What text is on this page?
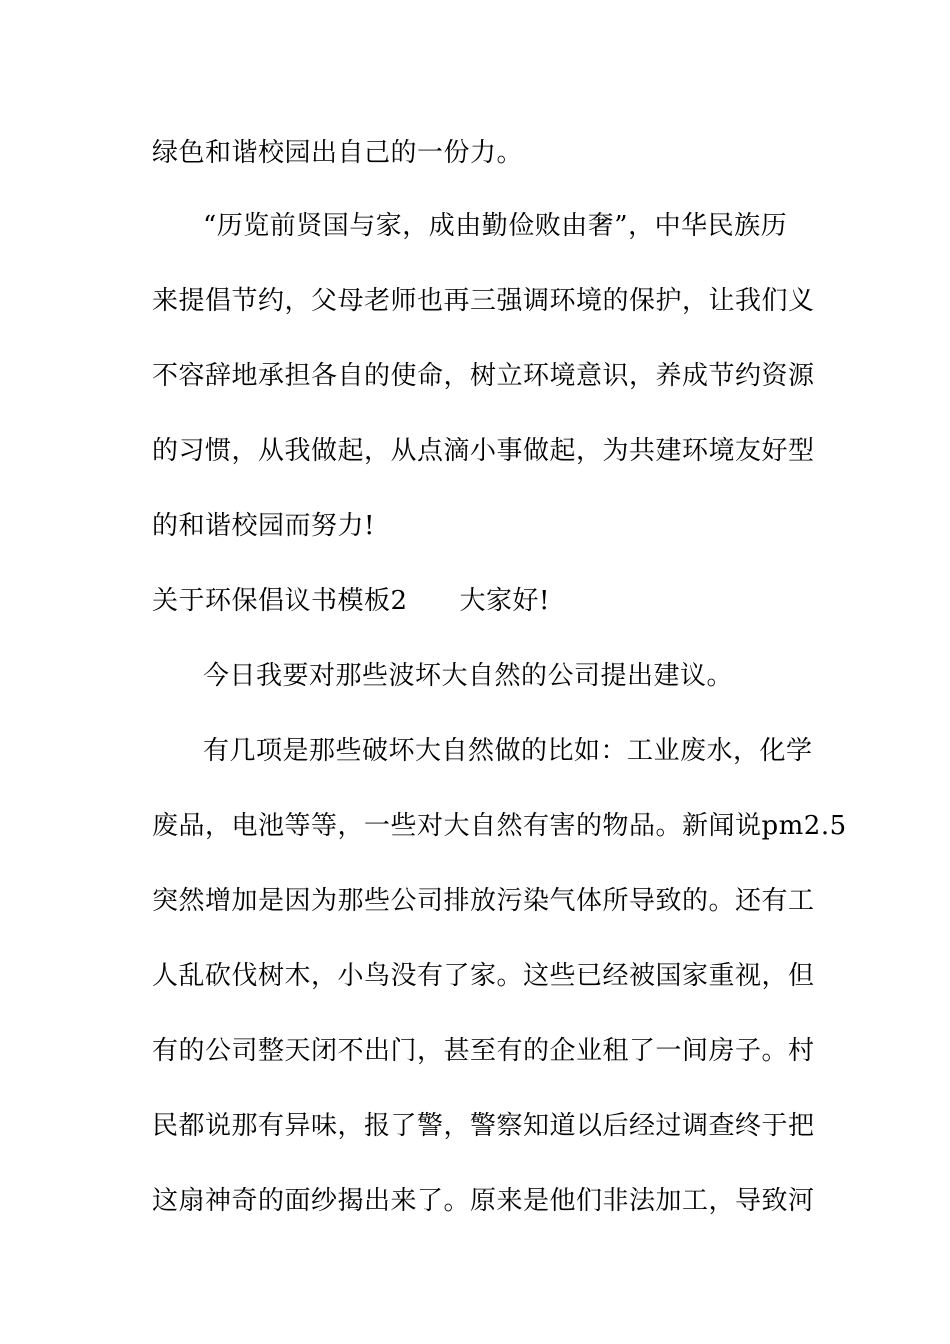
绿色和谐校园出自己的一份力。
“历览前贤国与家，成由勤俭败由奢”，中华民族历
来提倡节约，父母老师也再三强调环境的保护，让我们义
不容辞地承担各自的使命，树立环境意识，养成节约资源
的习惯，从我做起，从点滴小事做起，为共建环境友好型
的和谐校园而努力!
关于环保倡议书模板2 大家好!
今日我要对那些波坏大自然的公司提出建议。
有几项是那些破坏大自然做的比如：工业废水，化学
废品，电池等等，一些对大自然有害的物品。新闻说pm2.5
突然增加是因为那些公司排放污染气体所导致的。还有工
人乱砍伐树木，小鸟没有了家。这些已经被国家重视，但
有的公司整天闭不出门，甚至有的企业租了一间房子。村
民都说那有异味，报了警，警察知道以后经过调查终于把
这扇神奇的面纱揭出来了。原来是他们非法加工，导致河
